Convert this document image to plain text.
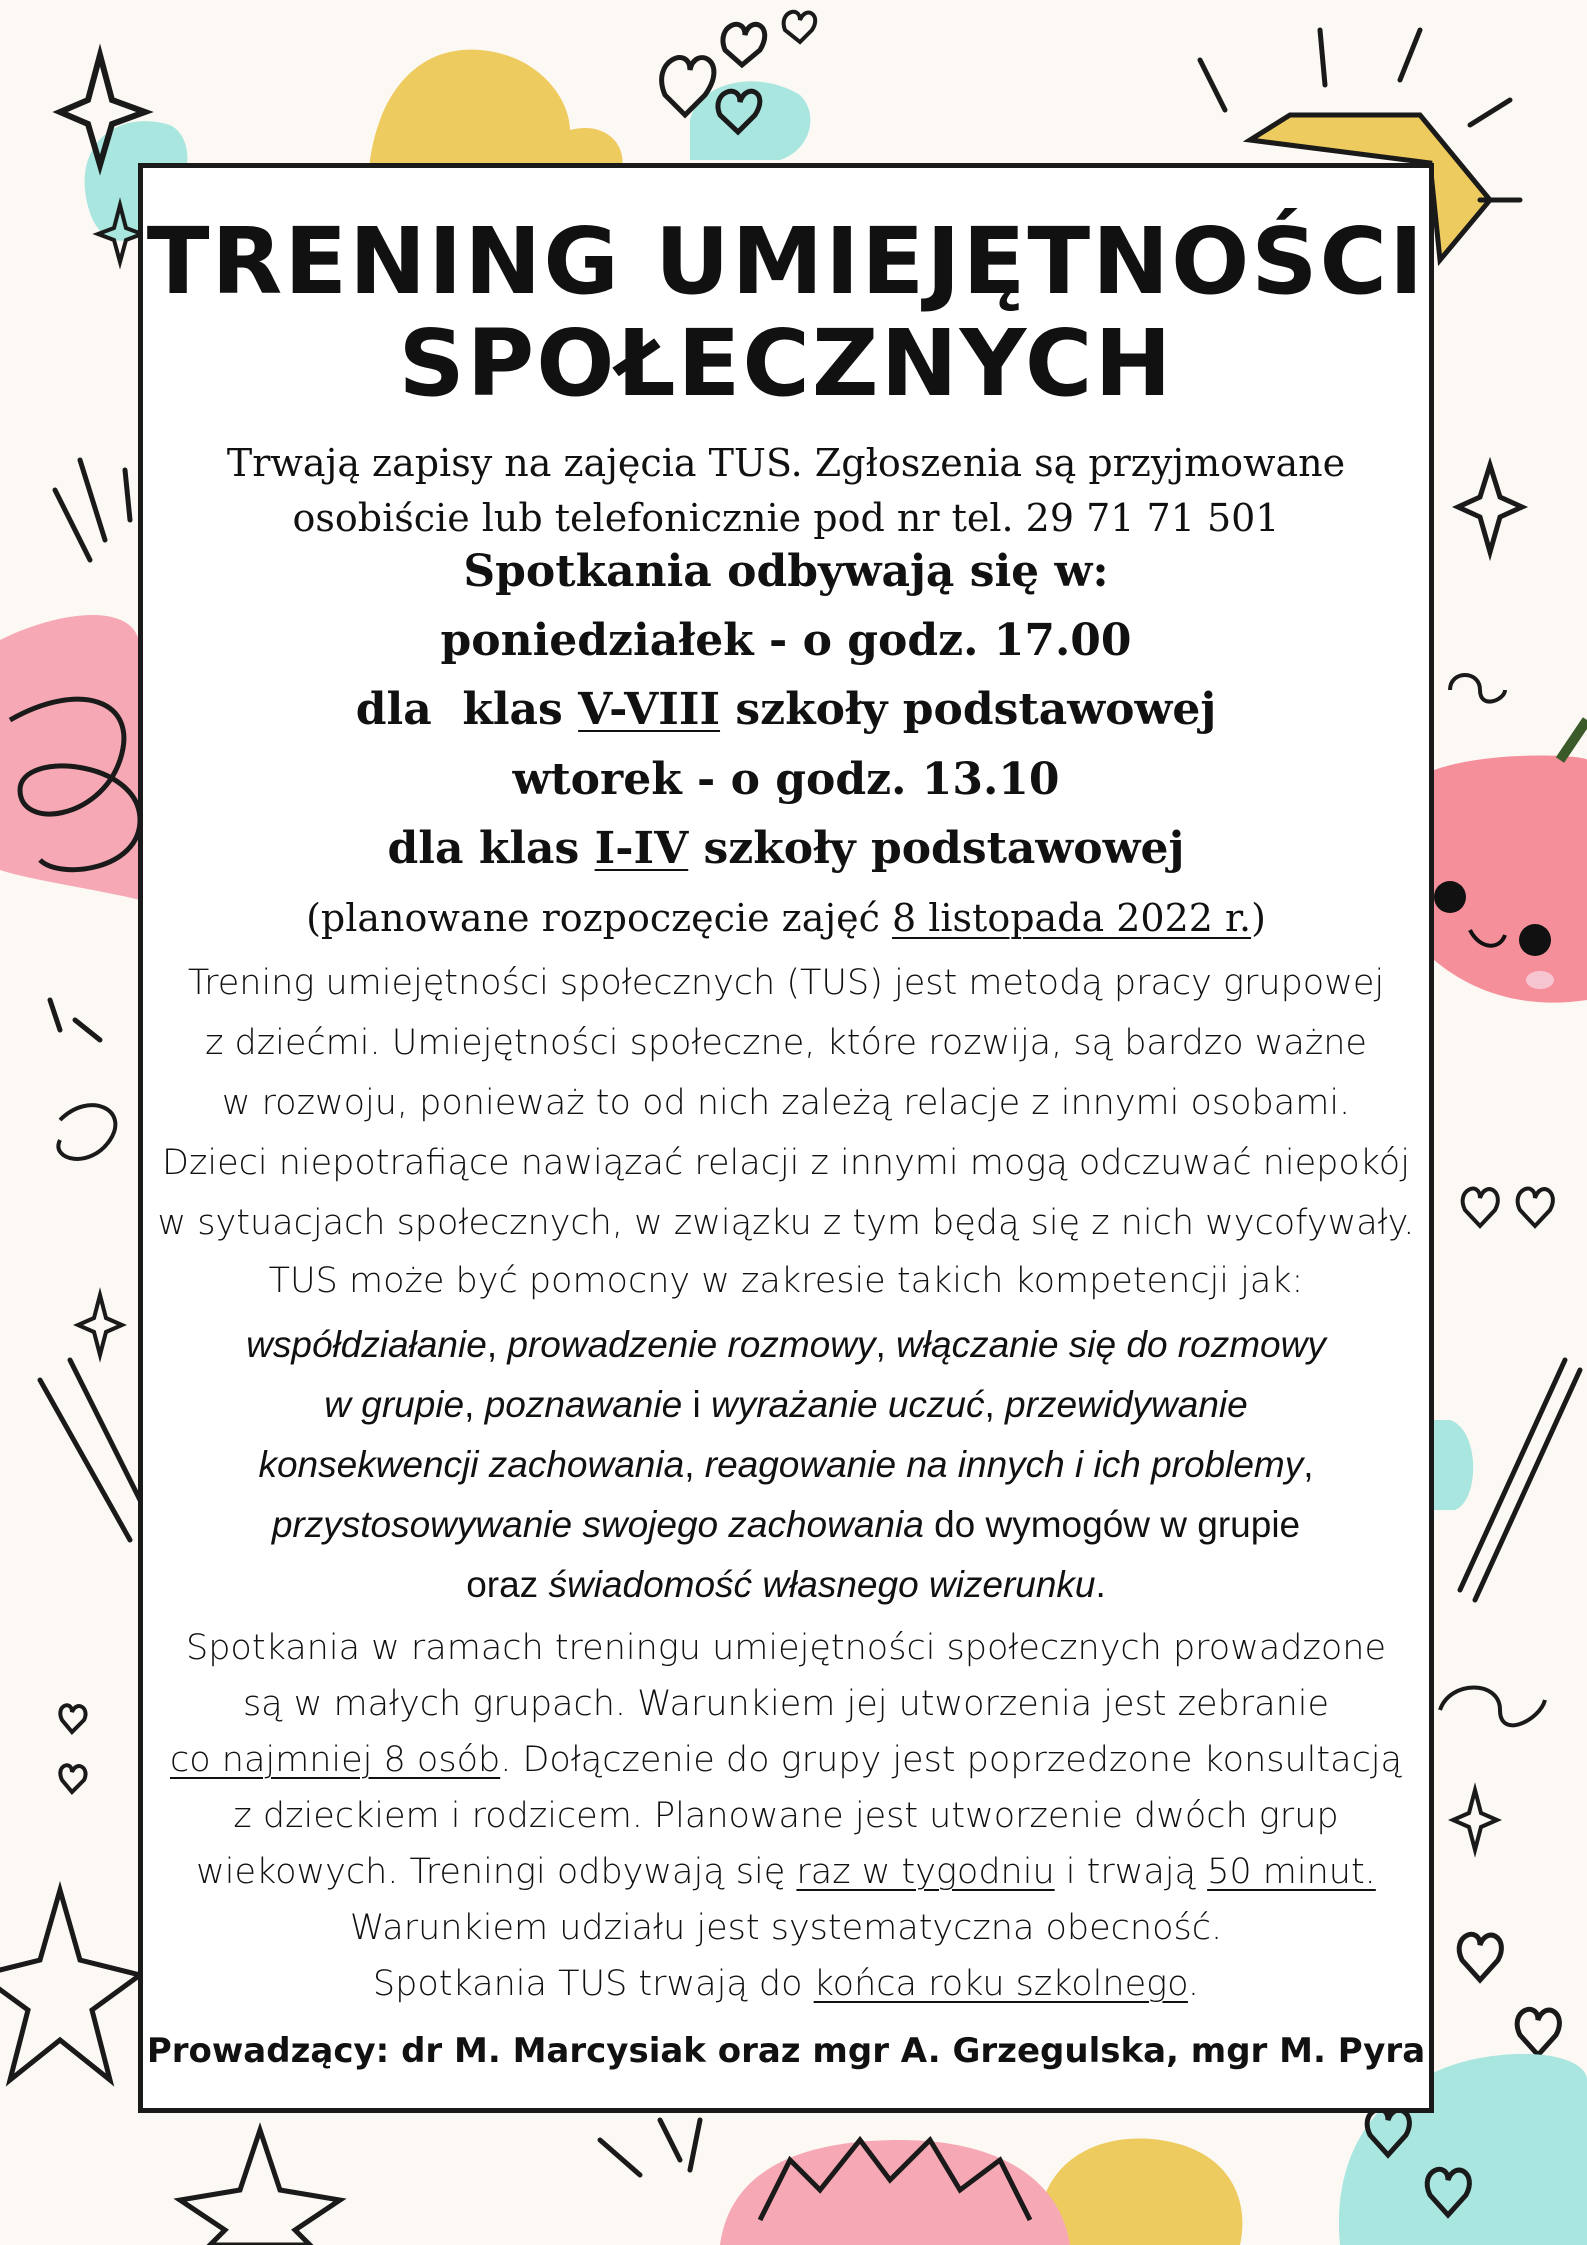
TRENING UMIEJĘTNOŚCI
SPOŁECZNYCH
Trwają zapisy na zajęcia TUS. Zgłoszenia są przyjmowane
osobiście lub telefonicznie pod nr tel. 29 71 71 501
Spotkania odbywają się w:
poniedziałek - o godz. 17.00
dla  klas V-VIII szkoły podstawowej
wtorek - o godz. 13.10
dla klas I-IV szkoły podstawowej
(planowane rozpoczęcie zajęć 8 listopada 2022 r.)
Trening umiejętności społecznych (TUS) jest metodą pracy grupowej
z dziećmi. Umiejętności społeczne, które rozwija, są bardzo ważne
w rozwoju, ponieważ to od nich zależą relacje z innymi osobami.
Dzieci niepotrafiące nawiązać relacji z innymi mogą odczuwać niepokój
w sytuacjach społecznych, w związku z tym będą się z nich wycofywały.
TUS może być pomocny w zakresie takich kompetencji jak:
współdziałanie, prowadzenie rozmowy, włączanie się do rozmowy
w grupie, poznawanie i wyrażanie uczuć, przewidywanie
konsekwencji zachowania, reagowanie na innych i ich problemy,
przystosowywanie swojego zachowania do wymogów w grupie
oraz świadomość własnego wizerunku.
Spotkania w ramach treningu umiejętności społecznych prowadzone
są w małych grupach. Warunkiem jej utworzenia jest zebranie
co najmniej 8 osób. Dołączenie do grupy jest poprzedzone konsultacją
z dzieckiem i rodzicem. Planowane jest utworzenie dwóch grup
wiekowych. Treningi odbywają się raz w tygodniu i trwają 50 minut.
Warunkiem udziału jest systematyczna obecność.
Spotkania TUS trwają do końca roku szkolnego.
Prowadzący: dr M. Marcysiak oraz mgr A. Grzegulska, mgr M. Pyra
